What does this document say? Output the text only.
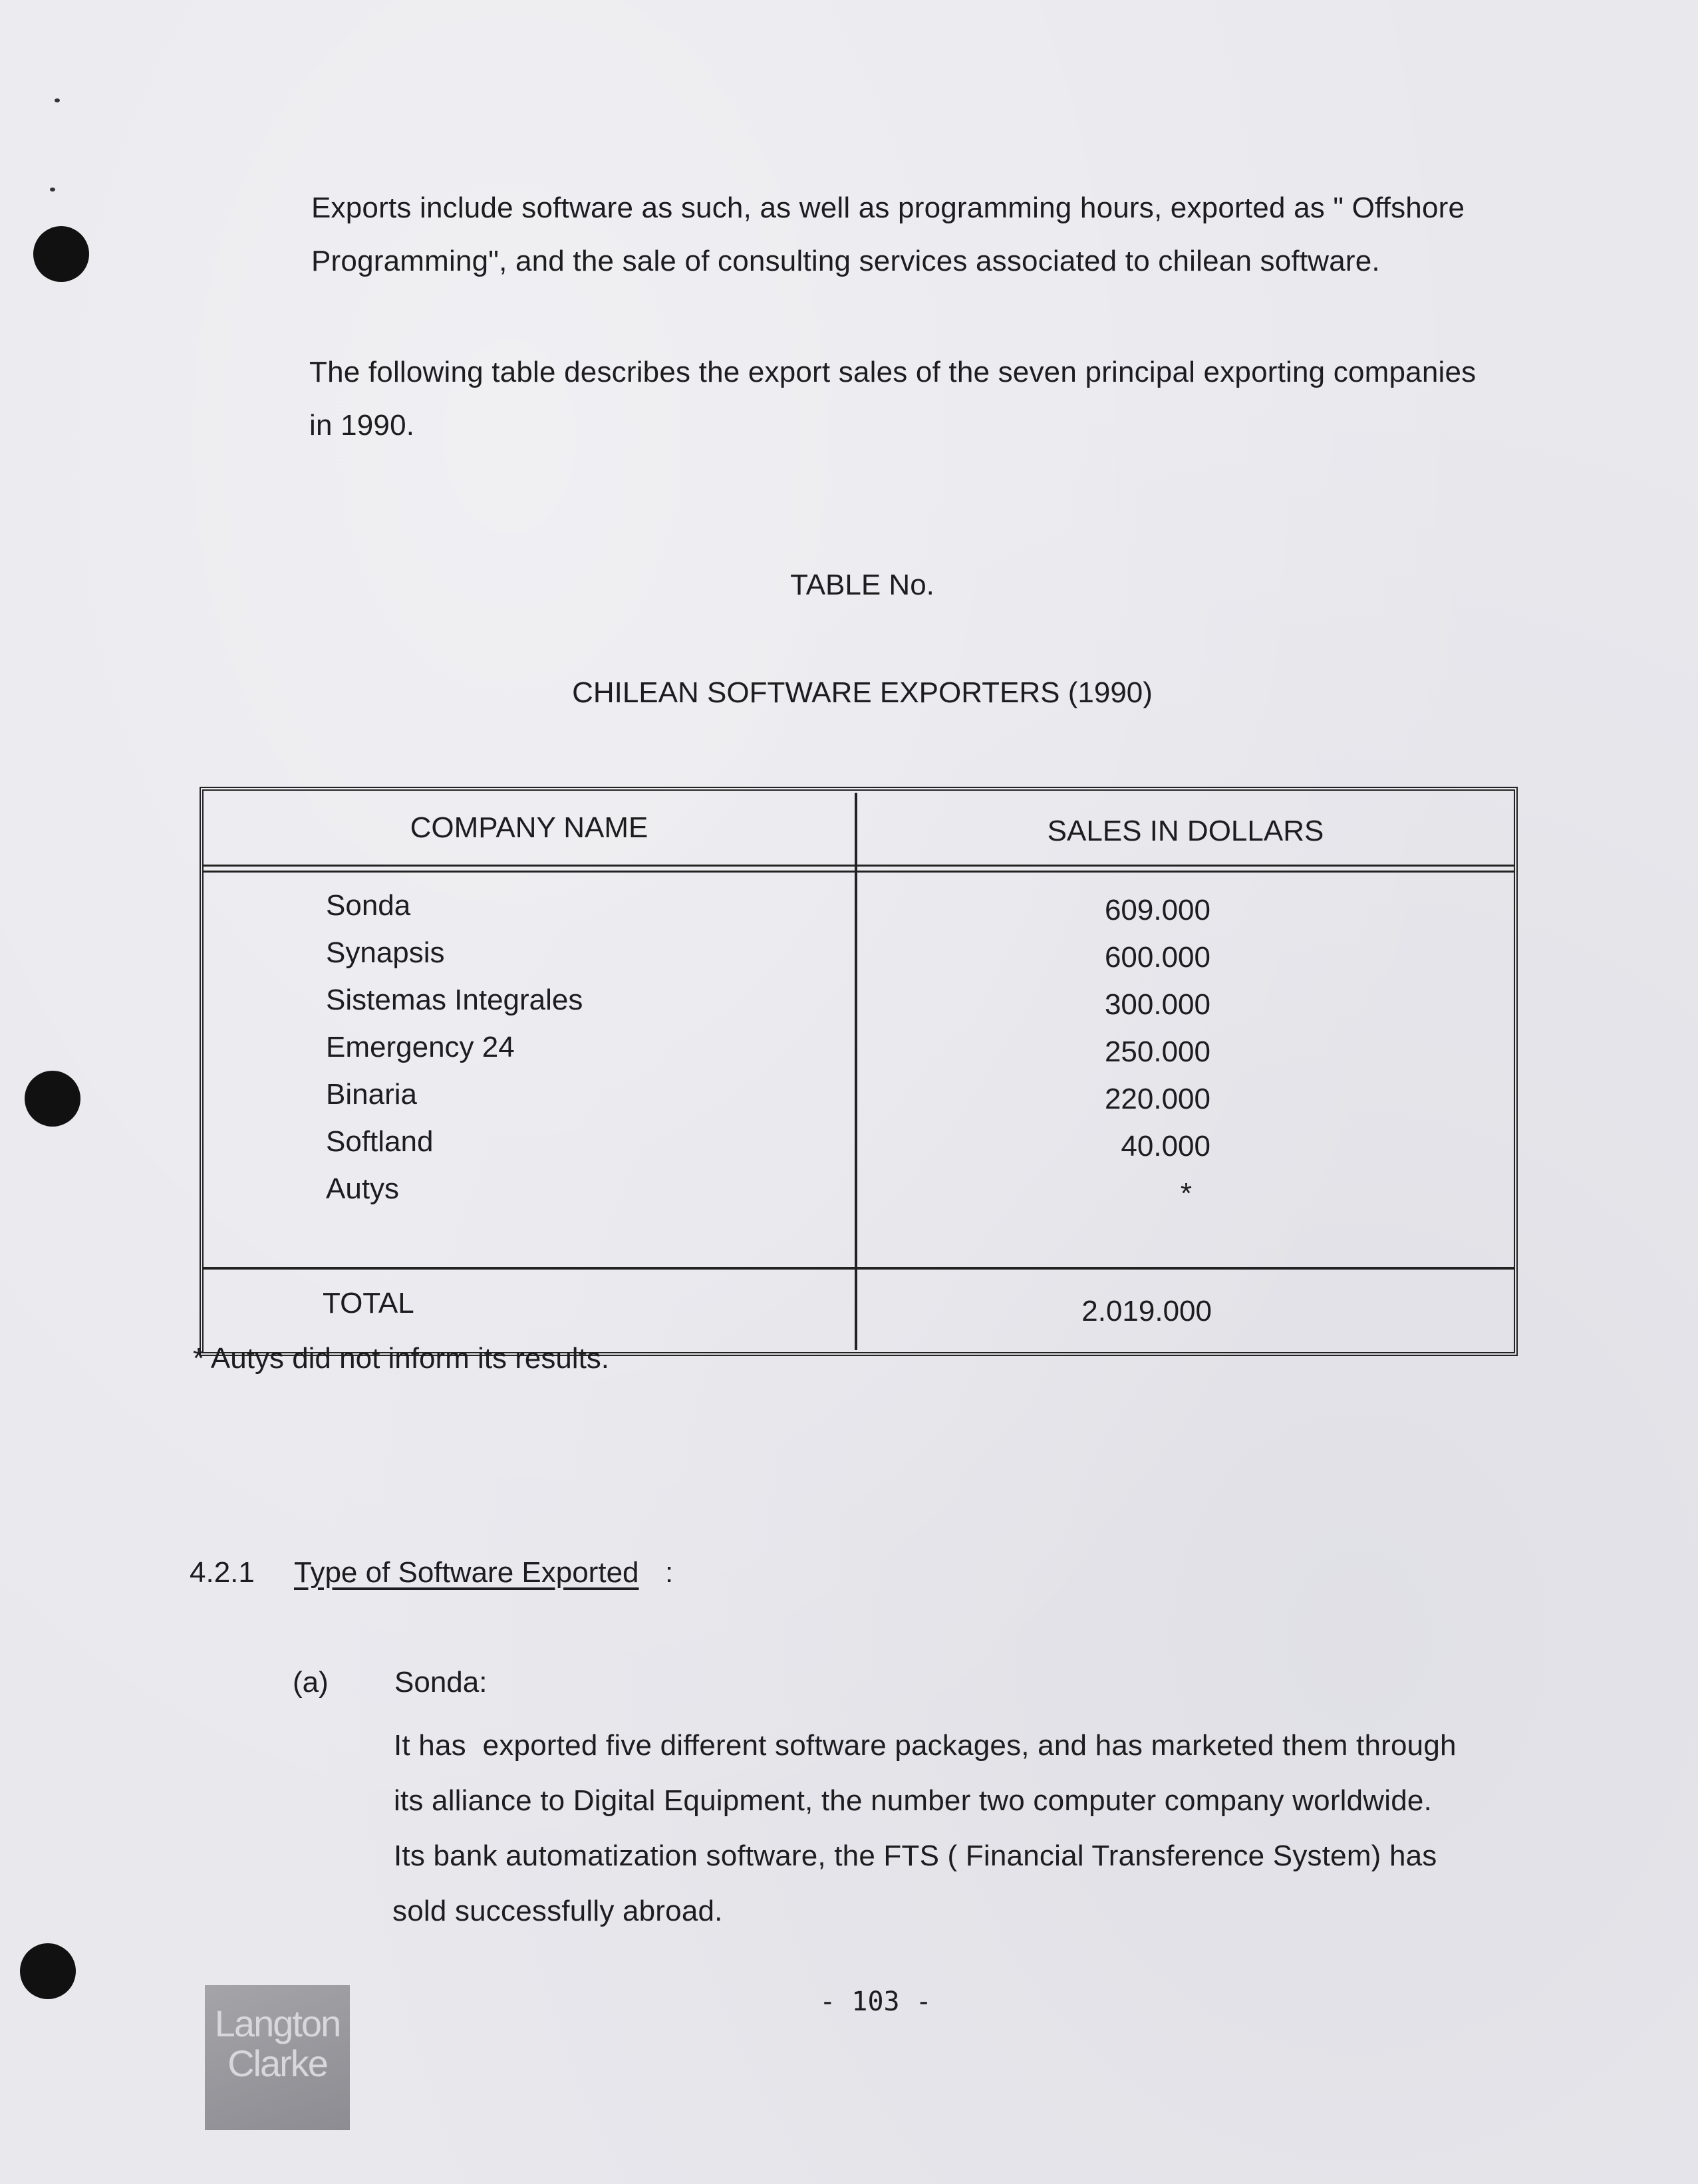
Exports include software as such, as well as programming hours, exported as " Offshore

Programming", and the sale of consulting services associated to chilean software.

The following table describes the export sales of the seven principal exporting companies

in 1990.

TABLE No.

CHILEAN SOFTWARE EXPORTERS (1990)

COMPANY NAME	SALES IN DOLLARS

Sonda
Synapsis
Sistemas Integrales
Emergency 24
Binaria
Softland
Autys
609.000
600.000
300.000
250.000
220.000
40.000
*

TOTAL	2.019.000

* Autys did not inform its results.

4.2.1 Type of Software Exported :

(a) Sonda:

It has  exported five different software packages, and has marketed them through

its alliance to Digital Equipment, the number two computer company worldwide.

Its bank automatization software, the FTS ( Financial Transference System) has

sold successfully abroad.

- 103 -

Langton
Clarke
